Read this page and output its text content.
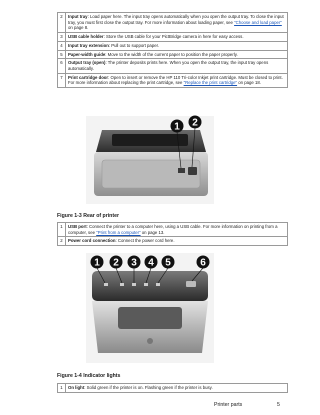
2	Input tray: Load paper here. The input tray opens automatically when you open the output tray. To close the input tray, you must first close the output tray. For more information about loading paper, see "Choose and load paper" on page 8.
3	USB cable holder: Store the USB cable for your PictBridge camera in here for easy access.
4	Input tray extension: Pull out to support paper.
5	Paper-width guide: Move to the width of the current paper to position the paper properly.
6	Output tray (open): The printer deposits prints here. When you open the output tray, the input tray opens automatically.
7	Print cartridge door: Open to insert or remove the HP 110 Tri-color Inkjet print cartridge. Must be closed to print. For more information about replacing the print cartridge, see "Replace the print cartridge" on page 18.
1 2
Figure 1-3 Rear of printer
1	USB port: Connect the printer to a computer here, using a USB cable. For more information on printing from a computer, see "Print from a computer" on page 13.
2	Power cord connection: Connect the power cord here.
1 2 3 4 5	6
Figure 1-4 Indicator lights
1	On light: Solid green if the printer is on. Flashing green if the printer is busy.
Printer parts	5
